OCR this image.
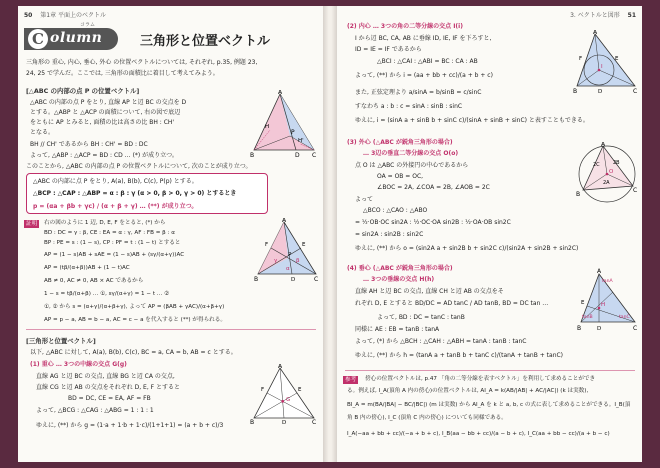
50 第1章 平面上のベクトル
C olumn
コラム
三角形と位置ベクトル
三角形の 重心, 内心, 垂心, 外心 の位置ベクトルについては, それぞれ, p.35, 例題 23,
24, 25 で学んだ。ここでは, 三角形の面積比に着目して考えてみよう。
[△ABC の内部の点 P の位置ベクトル]
△ABC の内部の点 P をとり, 直線 AP と辺 BC の交点を D
とする。△ABP と △ACP の面積について, 右の図で底辺
をともに AP とみると, 面積の比は高さの比 BH : CH'
となる。
BH // CH' であるから BH : CH' = BD : DC
よって, △ABP : △ACP = BD : CD … (*) が成り立つ。
このことから, △ABC の内部の点 P の位置ベクトルについて, 次のことが成り立つ。
A
B	C
P
D
H
H'
△ABC の内部に点 P をとり, A(a), B(b), C(c), P(p) とする。
△BCP : △CAP : △ABP = α : β : γ (α > 0, β > 0, γ > 0) とするとき
p = (αa + βb + γc) / (α + β + γ) … (**) が成り立つ。
証明	右の図のように 1 辺, D, E, F をとると, (*) から
BD : DC = γ : β, CE : EA = α : γ, AF : FB = β : α
BP : PE = s : (1 − s), CP : PF = t : (1 − t) とすると
AP = (1 − s)AB + sAE = (1 − s)AB + (sγ/(α+γ))AC
AP = (tβ/(α+β))AB + (1 − t)AC
AB ≠ 0, AC ≠ 0, AB × AC であるから
1 − s = tβ/(α+β) … ①, sγ/(α+γ) = 1 − t … ②
①, ② から s = (α+γ)/(α+β+γ), よって AP = (βAB + γAC)/(α+β+γ)
AP = p − a, AB = b − a, AC = c − a を代入すると (**) が得られる。
A
B	C
P
D
E
F
α
β
γ
[三角形と位置ベクトル]
以下, △ABC に対して, A(a), B(b), C(c), BC = a, CA = b, AB = c とする。
(1) 重心 … 3つの中線の交点 G(g)
直線 AG と辺 BC の交点, 直線 BG と辺 CA の交点,
直線 CG と辺 AB の交点をそれぞれ D, E, F とすると
BD = DC, CE = EA, AF = FB
よって, △BCG : △CAG : △ABG = 1 : 1 : 1
ゆえに, (**) から g = (1·a + 1·b + 1·c)/(1+1+1) = (a + b + c)/3
A
B	C
G
D
E
F
3. ベクトルと図形 51
(2) 内心 … 3つの角の二等分線の交点 I(i)
I から辺 BC, CA, AB に垂線 ID, IE, IF を下ろすと,
ID = IE = IF であるから
△BCI : △CAI : △ABI = BC : CA : AB
よって, (**) から i = (aa + bb + cc)/(a + b + c)
また, 正弦定理より a/sinA = b/sinB = c/sinC
すなわち a : b : c = sinA : sinB : sinC
ゆえに, i = (sinA a + sinB b + sinC c)/(sinA + sinB + sinC) と表すこともできる。
A
B	C
I
D
E
F
(3) 外心 (△ABC が鋭角三角形の場合)
… 3辺の垂直二等分線の交点 O(o)
点 O は △ABC の外接円の中心であるから
OA = OB = OC,
∠BOC = 2A, ∠COA = 2B, ∠AOB = 2C
よって
△BCO : △CAO : △ABO
= ½·OB·OC sin2A : ½·OC·OA sin2B : ½·OA·OB sin2C
= sin2A : sin2B : sin2C
ゆえに, (**) から o = (sin2A a + sin2B b + sin2C c)/(sin2A + sin2B + sin2C)
A
B
C
O
2A
2B
2C
(4) 垂心 (△ABC が鋭角三角形の場合)
… 3つの垂線の交点 H(h)
直線 AH と辺 BC の交点, 直線 CH と辺 AB の交点をそ
れぞれ D, E とすると BD/DC = AD tanC / AD tanB, BD = DC tan …
よって, BD : DC = tanC : tanB
同様に AE : EB = tanB : tanA
よって, (*) から △BCH : △CAH : △ABH = tanA : tanB : tanC
ゆえに, (**) から h = (tanA a + tanB b + tanC c)/(tanA + tanB + tanC)
A
B	C
H
D
E
tanA
tanB	tanC
参考	傍心の位置ベクトルは, p.47 「角の二等分線を表すベクトル」を利用して求めることができ
る。例えば, I_A(頂角 A 内の傍心)の位置ベクトルは, AI_A = k(AB/|AB| + AC/|AC|) (k は実数),
BI_A = m(BA/|BA| − BC/|BC|) (m は実数) から AI_A を k と a, b, c の式に表して求めることができる。I_B(頂
角 B 内の傍心), I_C (頂角 C 内の傍心) についても同様である。
I_A(−aa + bb + cc)/(−a + b + c), I_B(aa − bb + cc)/(a − b + c), I_C(aa + bb − cc)/(a + b − c)
